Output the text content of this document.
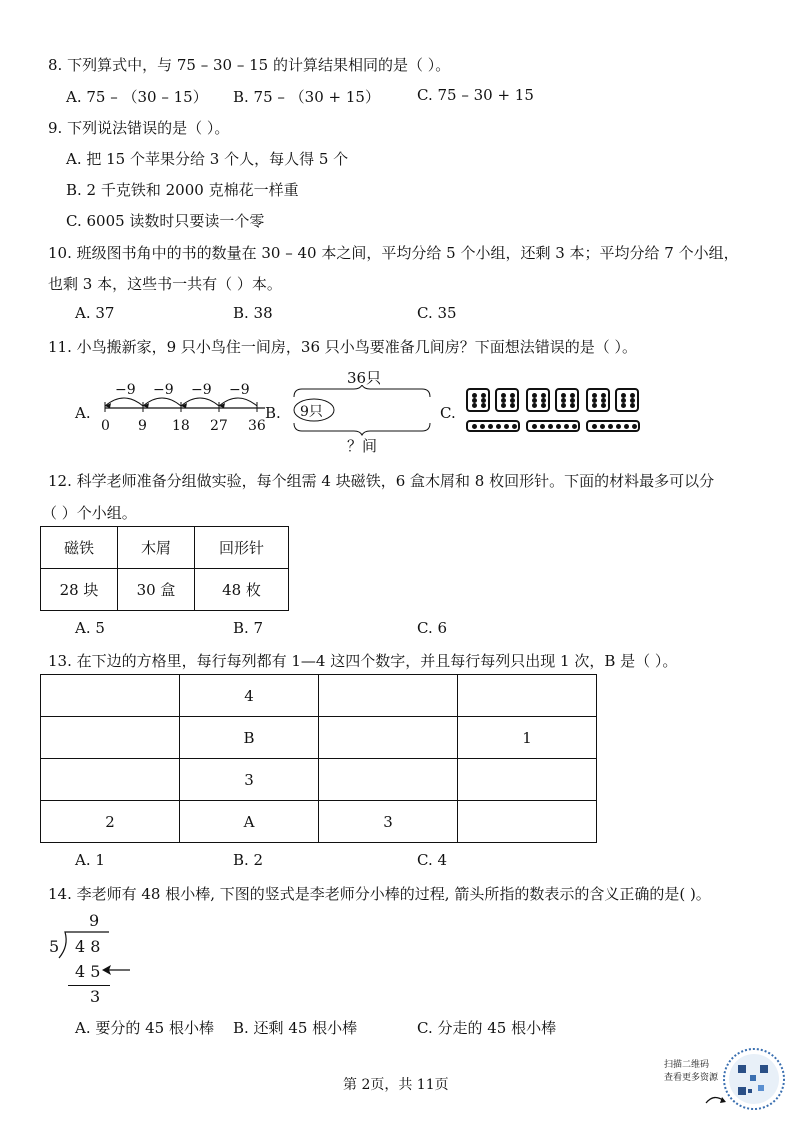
8. 下列算式中，与 75 – 30 – 15 的计算结果相同的是（ ）。
A. 75 – （30 – 15） B. 75 – （30 + 15） C. 75 – 30 + 15
9. 下列说法错误的是（ ）。
A. 把 15 个苹果分给 3 个人，每人得 5 个
B. 2 千克铁和 2000 克棉花一样重
C. 6005 读数时只要读一个零
10. 班级图书角中的书的数量在 30 – 40 本之间，平均分给 5 个小组，还剩 3 本；平均分给 7 个小组，
也剩 3 本，这些书一共有（ ）本。
A. 37	B. 38	C. 35
11. 小鸟搬新家，9 只小鸟住一间房，36 只小鸟要准备几间房？下面想法错误的是（ ）。
A.
−9 −9 −9 −9
0 9 18 27 36
B.
36只
9只
？间
C.
12. 科学老师准备分组做实验，每个组需 4 块磁铁，6 盒木屑和 8 枚回形针。下面的材料最多可以分
（ ）个小组。
磁铁	木屑	回形针
28 块	30 盒	48 枚
A. 5	B. 7	C. 6
13. 在下边的方格里，每行每列都有 1—4 这四个数字，并且每行每列只出现 1 次，B 是（ ）。
	4		
	B		1
	3		
2	A	3	
A. 1	B. 2	C. 4
14. 李老师有 48 根小棒, 下图的竖式是李老师分小棒的过程, 箭头所指的数表示的含义正确的是( )。
9
5 4 8
4 5
3
A. 要分的 45 根小棒 B. 还剩 45 根小棒	C. 分走的 45 根小棒
第 2页，共 11页
扫描二维码
查看更多资源
